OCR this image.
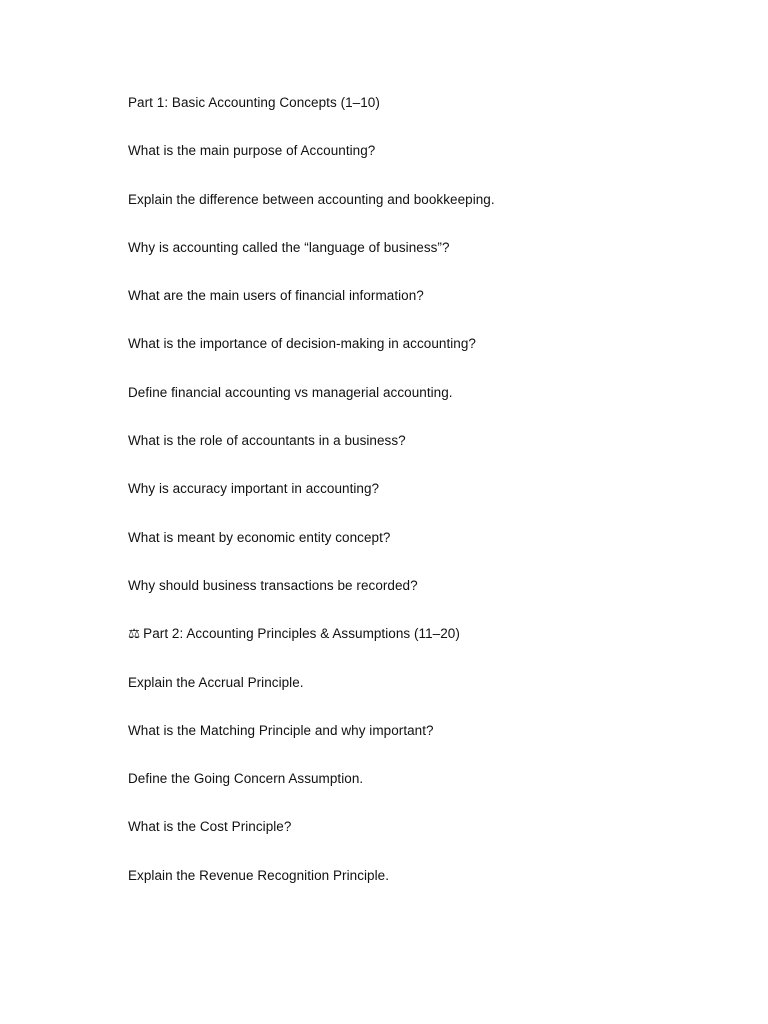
Part 1: Basic Accounting Concepts (1–10)
What is the main purpose of Accounting?
Explain the difference between accounting and bookkeeping.
Why is accounting called the “language of business”?
What are the main users of financial information?
What is the importance of decision-making in accounting?
Define financial accounting vs managerial accounting.
What is the role of accountants in a business?
Why is accuracy important in accounting?
What is meant by economic entity concept?
Why should business transactions be recorded?
⚖ Part 2: Accounting Principles & Assumptions (11–20)
Explain the Accrual Principle.
What is the Matching Principle and why important?
Define the Going Concern Assumption.
What is the Cost Principle?
Explain the Revenue Recognition Principle.
